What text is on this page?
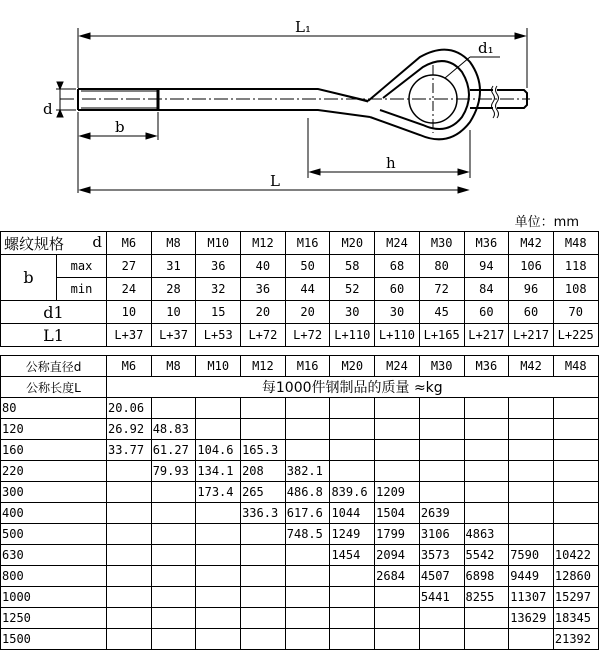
L₁
d₁
d
b
h
L
单位：mm
螺纹规格 d		M6	M8	M10	M12	M16	M20	M24	M30	M36	M42	M48
b	max	27	31	36	40	50	58	68	80	94	106	118
	min	24	28	32	36	44	52	60	72	84	96	108
d1		10	10	15	20	20	30	30	45	60	60	70
L1		L+37	L+37	L+53	L+72	L+72	L+110	L+110	L+165	L+217	L+217	L+225
公称直径d	M6	M8	M10	M12	M16	M20	M24	M30	M36	M42	M48
公称长度L	每1000件钢制品的质量 ≈kg										
80	20.06										
120	26.92	48.83									
160	33.77	61.27	104.6	165.3							
220		79.93	134.1	208	382.1						
300			173.4	265	486.8	839.6	1209				
400				336.3	617.6	1044	1504	2639			
500					748.5	1249	1799	3106	4863		
630						1454	2094	3573	5542	7590	10422
800							2684	4507	6898	9449	12860
1000								5441	8255	11307	15297
1250										13629	18345
1500											21392
